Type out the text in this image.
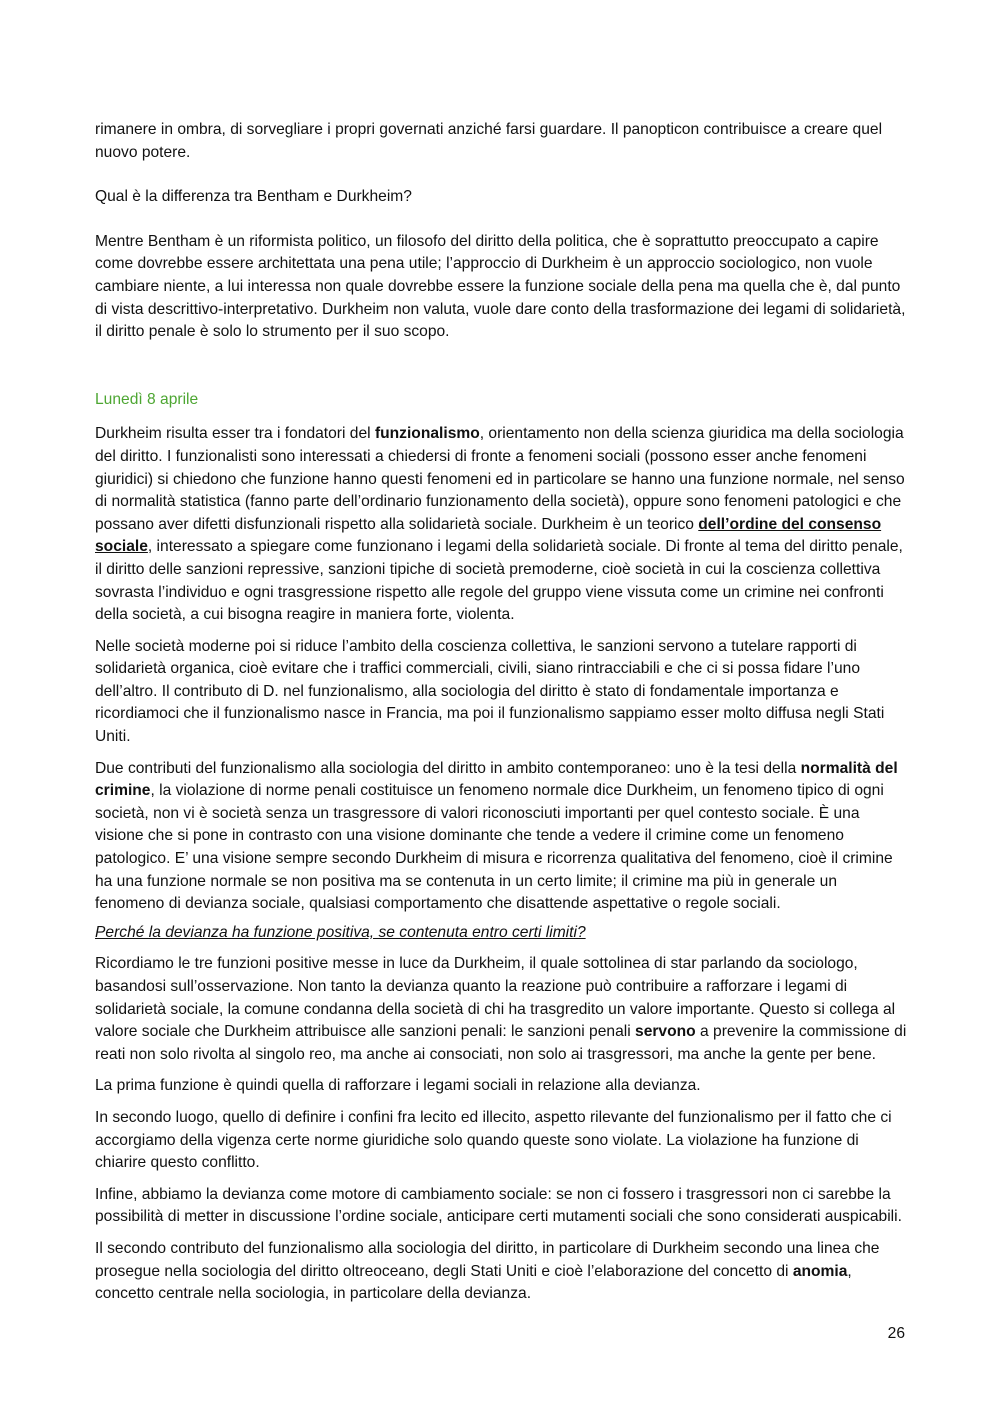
rimanere in ombra, di sorvegliare i propri governati anziché farsi guardare. Il panopticon contribuisce a creare quel nuovo potere.

Qual è la differenza tra Bentham e Durkheim?

Mentre Bentham è un riformista politico, un filosofo del diritto della politica, che è soprattutto preoccupato a capire come dovrebbe essere architettata una pena utile; l’approccio di Durkheim è un approccio sociologico, non vuole cambiare niente, a lui interessa non quale dovrebbe essere la funzione sociale della pena ma quella che è, dal punto di vista descrittivo-interpretativo. Durkheim non valuta, vuole dare conto della trasformazione dei legami di solidarietà, il diritto penale è solo lo strumento per il suo scopo.

Lunedì 8 aprile

Durkheim risulta esser tra i fondatori del funzionalismo, orientamento non della scienza giuridica ma della sociologia del diritto. I funzionalisti sono interessati a chiedersi di fronte a fenomeni sociali (possono esser anche fenomeni giuridici) si chiedono che funzione hanno questi fenomeni ed in particolare se hanno una funzione normale, nel senso di normalità statistica (fanno parte dell’ordinario funzionamento della società), oppure sono fenomeni patologici e che possano aver difetti disfunzionali rispetto alla solidarietà sociale. Durkheim è un teorico dell’ordine del consenso sociale, interessato a spiegare come funzionano i legami della solidarietà sociale. Di fronte al tema del diritto penale, il diritto delle sanzioni repressive, sanzioni tipiche di società premoderne, cioè società in cui la coscienza collettiva sovrasta l’individuo e ogni trasgressione rispetto alle regole del gruppo viene vissuta come un crimine nei confronti della società, a cui bisogna reagire in maniera forte, violenta.

Nelle società moderne poi si riduce l’ambito della coscienza collettiva, le sanzioni servono a tutelare rapporti di solidarietà organica, cioè evitare che i traffici commerciali, civili, siano rintracciabili e che ci si possa fidare l’uno dell’altro. Il contributo di D. nel funzionalismo, alla sociologia del diritto è stato di fondamentale importanza e ricordiamoci che il funzionalismo nasce in Francia, ma poi il funzionalismo sappiamo esser molto diffusa negli Stati Uniti.

Due contributi del funzionalismo alla sociologia del diritto in ambito contemporaneo: uno è la tesi della normalità del crimine, la violazione di norme penali costituisce un fenomeno normale dice Durkheim, un fenomeno tipico di ogni società, non vi è società senza un trasgressore di valori riconosciuti importanti per quel contesto sociale. È una visione che si pone in contrasto con una visione dominante che tende a vedere il crimine come un fenomeno patologico. E’ una visione sempre secondo Durkheim di misura e ricorrenza qualitativa del fenomeno, cioè il crimine ha una funzione normale se non positiva ma se contenuta in un certo limite; il crimine ma più in generale un fenomeno di devianza sociale, qualsiasi comportamento che disattende aspettative o regole sociali.

Perché la devianza ha funzione positiva, se contenuta entro certi limiti?

Ricordiamo le tre funzioni positive messe in luce da Durkheim, il quale sottolinea di star parlando da sociologo, basandosi sull’osservazione. Non tanto la devianza quanto la reazione può contribuire a rafforzare i legami di solidarietà sociale, la comune condanna della società di chi ha trasgredito un valore importante. Questo si collega al valore sociale che Durkheim attribuisce alle sanzioni penali: le sanzioni penali servono a prevenire la commissione di reati non solo rivolta al singolo reo, ma anche ai consociati, non solo ai trasgressori, ma anche la gente per bene.

La prima funzione è quindi quella di rafforzare i legami sociali in relazione alla devianza.

In secondo luogo, quello di definire i confini fra lecito ed illecito, aspetto rilevante del funzionalismo per il fatto che ci accorgiamo della vigenza certe norme giuridiche solo quando queste sono violate. La violazione ha funzione di chiarire questo conflitto.

Infine, abbiamo la devianza come motore di cambiamento sociale: se non ci fossero i trasgressori non ci sarebbe la possibilità di metter in discussione l’ordine sociale, anticipare certi mutamenti sociali che sono considerati auspicabili.

Il secondo contributo del funzionalismo alla sociologia del diritto, in particolare di Durkheim secondo una linea che prosegue nella sociologia del diritto oltreoceano, degli Stati Uniti e cioè l’elaborazione del concetto di anomia, concetto centrale nella sociologia, in particolare della devianza.

26
